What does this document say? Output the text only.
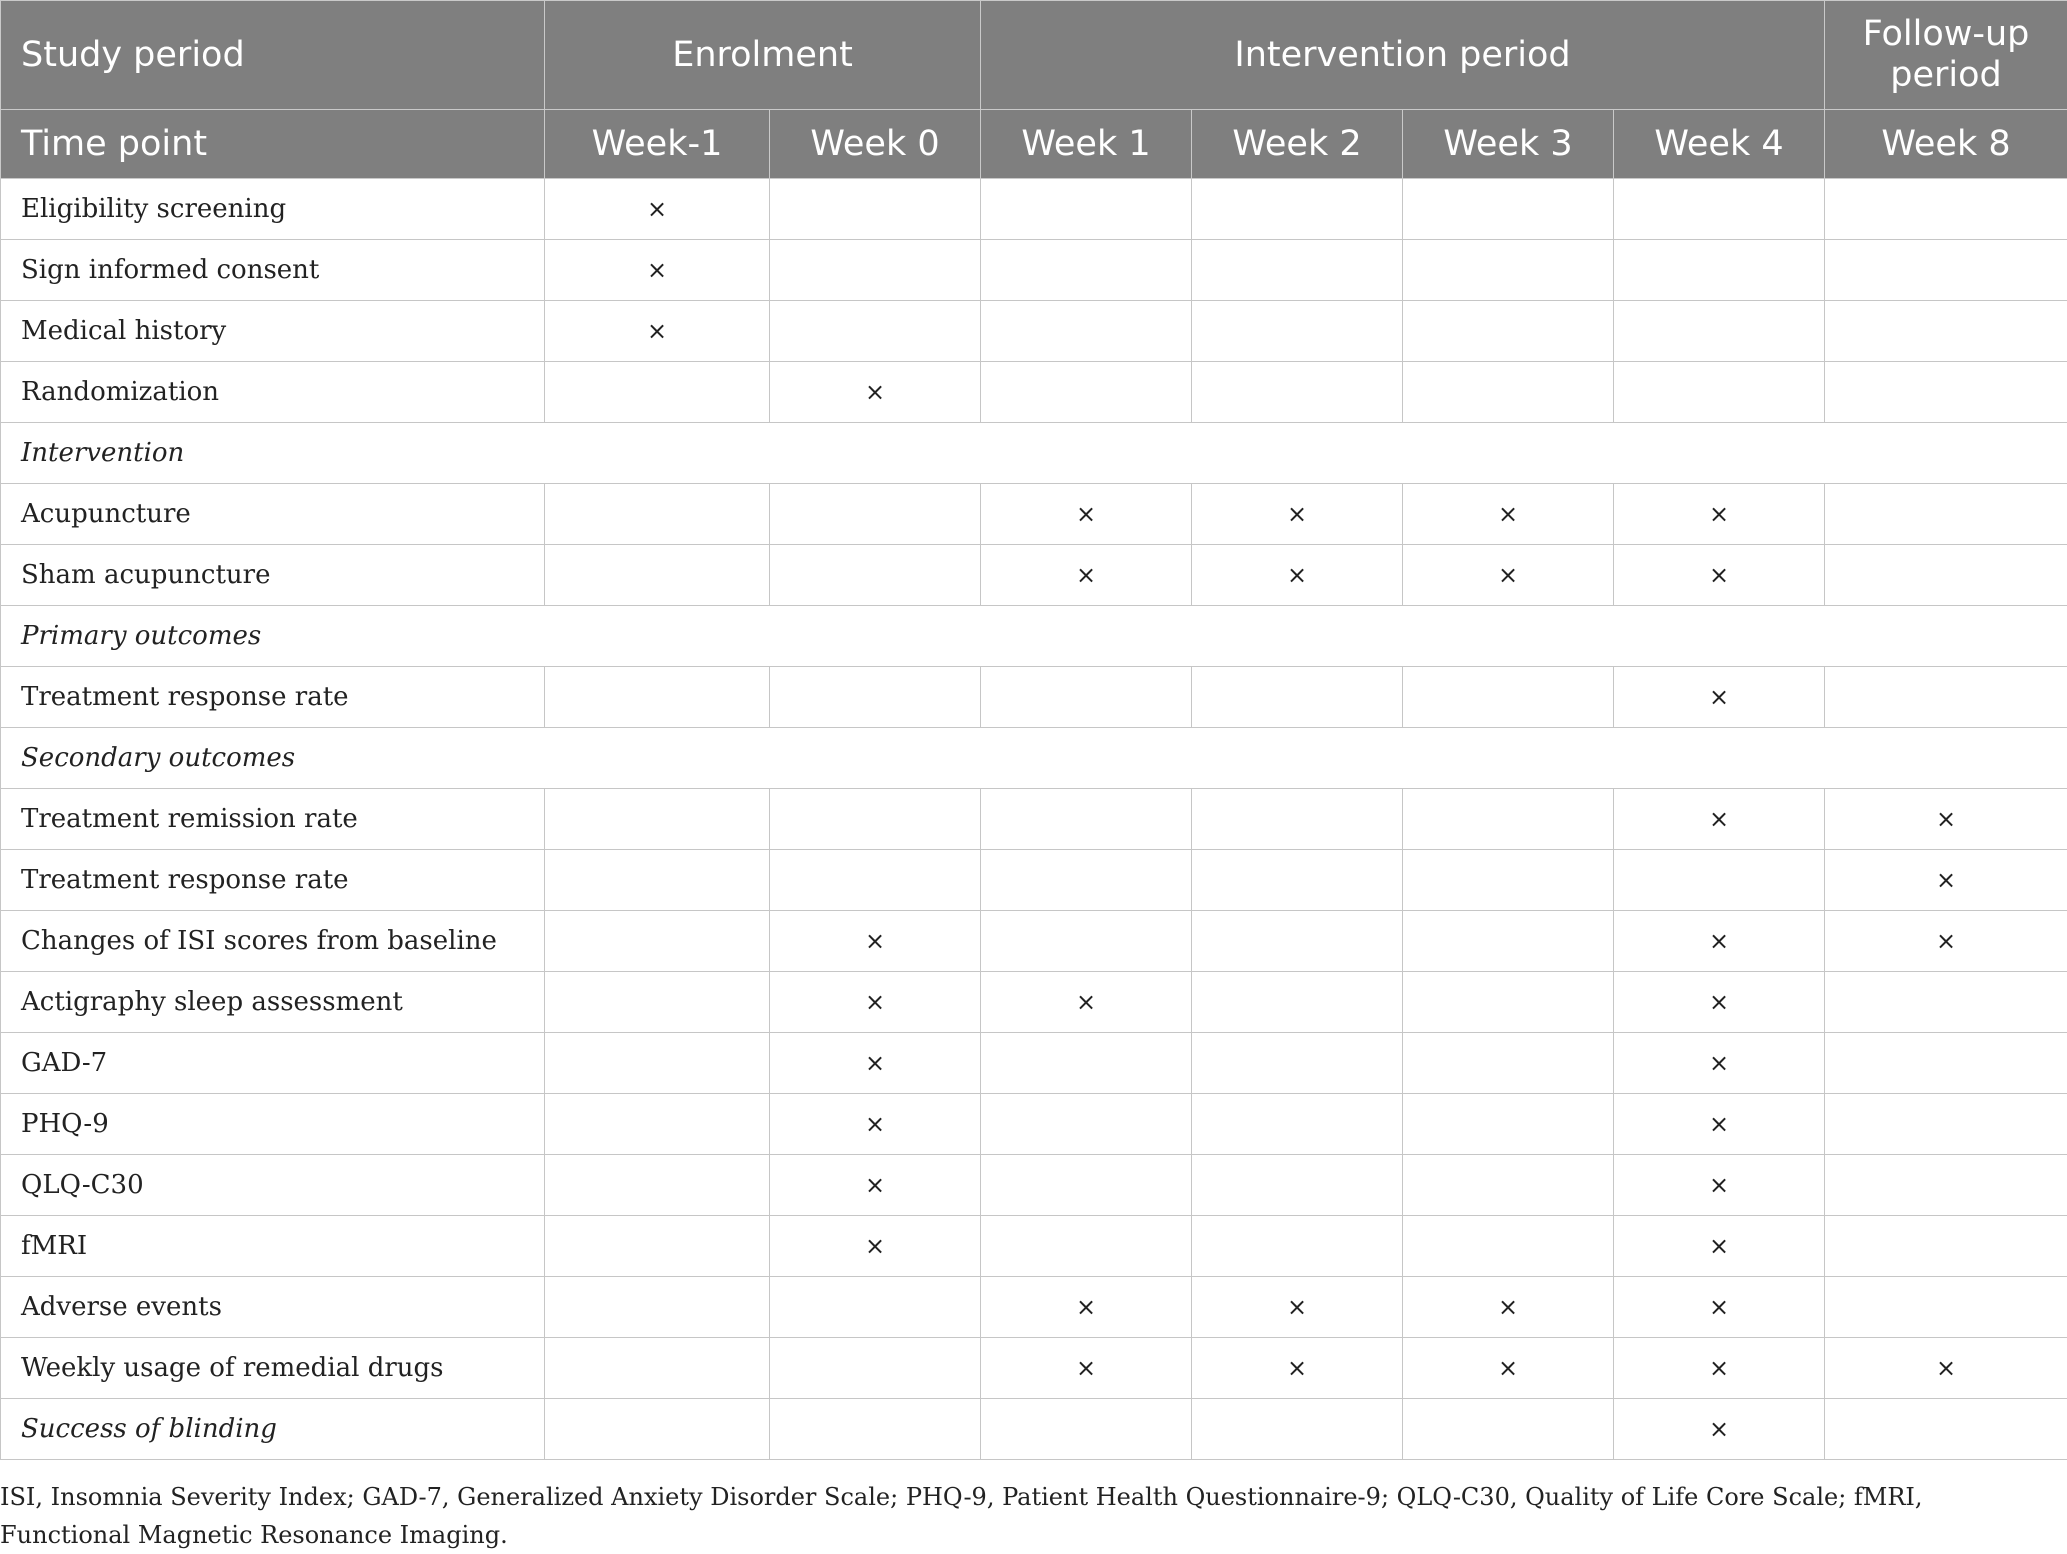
Study period	Enrolment		Intervention period				Follow-up period
Time point	Week-1	Week 0	Week 1	Week 2	Week 3	Week 4	Week 8
Eligibility screening	×						
Sign informed consent	×						
Medical history	×						
Randomization		×					
Intervention							
Acupuncture			×	×	×	×	
Sham acupuncture			×	×	×	×	
Primary outcomes							
Treatment response rate						×	
Secondary outcomes							
Treatment remission rate						×	×
Treatment response rate							×
Changes of ISI scores from baseline		×				×	×
Actigraphy sleep assessment		×	×			×	
GAD-7		×				×	
PHQ-9		×				×	
QLQ-C30		×				×	
fMRI		×				×	
Adverse events			×	×	×	×	
Weekly usage of remedial drugs			×	×	×	×	×
Success of blinding						×	
ISI, Insomnia Severity Index; GAD-7, Generalized Anxiety Disorder Scale; PHQ-9, Patient Health Questionnaire-9; QLQ-C30, Quality of Life Core Scale; fMRI, Functional Magnetic Resonance Imaging.
